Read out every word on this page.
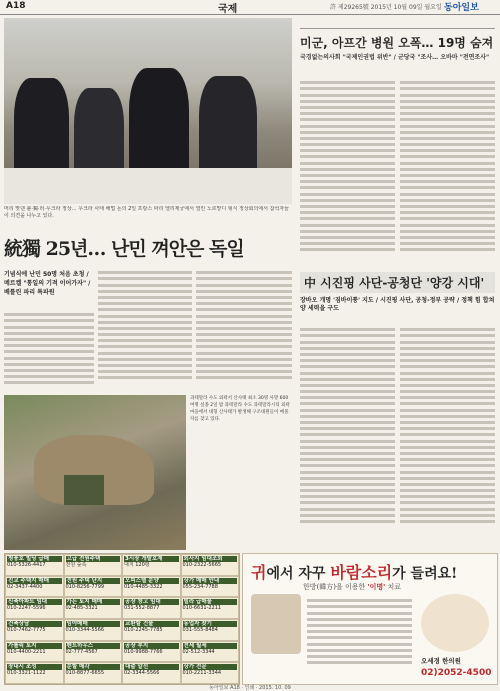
A18	국제	許 제29265號 2015년 10월 09일 월요일 동아일보
머리 맞댄 불·獨·러·우크라 정상… 우크라 사태 해법 논의 2일 프랑스 파리 엘리제궁에서 열린 노르망디 형식 정상회의에서 참석자들이 의견을 나누고 있다.
統獨 25년… 난민 껴안은 독일
기념식에 난민 50명 처음 초청 / 메르켈 "통일의 기적 이어가자" / 베를린 파리 특파원
과테말라 수도 외곽서 산사태 최소 30명 사망 600여명 실종 2일 밤 과테말라 수도 과테말라시티 외곽 마을에서 대형 산사태가 발생해 구조대원들이 매몰자를 찾고 있다.
미군, 아프간 병원 오폭… 19명 숨져
국경없는의사회 "국제인권법 위반" / 군당국 "조사… 오바마 "전면조사"
中 시진핑 사단-공청단 '양강 시대'
장바오 개명 '짐바이퉁' 지도 / 시진핑 사단, 공청-정부 공략 / 정책 힘 합쳐 양 세력을 구도
청풍호 빌딩 급매
010-5326-4417
고급 전원주택
전원 숲속
3시장 개발호재
대지 120평
회사지 임대조회
010-2322-5665
진교 주택지 매매
02-3437-4400
전원 주택 단지
010-8256-7799
오피스텔 분양
010-4485-3322
상가 매매 안내
055-234-7788
신축아파트 임대
010-2247-5596
가든 토지 매매
02-485-3321
공장 창고 임대
031-552-8877
빌라 급매물
010-6631-2211
건축상담
010-7462-7775
임야매매
010-3344-5566
교환할 건물
010-2245-7785
동업자 찾기
031-555-8484
가톨릭 토지
010-4400-2211
펜트하우스
02-777-4567
공장 부지
010-9988-7766
전세 월세
02-512-3344
장내시 조성
010-3321-1122
분할 매각
010-8877-6655
대출 알선
02-3344-5566
상가 전문
010-2211-3344
귀에서 자꾸 바람소리가 들려요!
한방(韓方)을 이용한 '이명' 치료
오세경 한의원
02)2052-4500
동아일보 A18 · 인쇄 · 2015. 10. 09
